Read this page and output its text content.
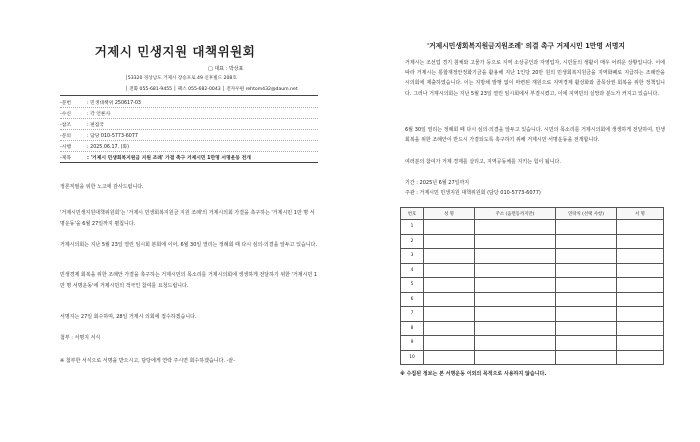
거제시 민생지원 대책위원회
□ 대표 : 박상표
│53320 경상남도 거제시 장승포로 49 신후빌드 208호
│ 전화 055-681-9455 │ 팩스 055-682-0043 │ 전자우편 rehtom432@daum.net
-문번	: 민생대책위 250617-03
-수신	: 각 언론사
-참조	: 편집국
-문의	: 담당 010-5773-6077
-시행	: 2025.06.17. (화)
-제목	: '거제시 민생회복지원금 지원 조례' 가결 촉구 거제시민 1만명 서명운동 전개
정론직필을 위한 노고에 감사드립니다.
'거제시민생지원대책위원회'는 '거제시 민생회복지원금 지원 조례'의 거제시의회 가결을 촉구하는 '거제시민 1만 명 서명운동'을 6월 27일까지 펼칩니다.
거제시의회는 지난 5월 23일 열린 임시회 본회에 이어, 6월 30일 열리는 정례회 때 다시 심의·의결을 앞두고 있습니다.
민생경제 회복을 위한 조례안 가결을 촉구하는 거제시민의 목소리를 거제시의회에 생생하게 전달하기 위한 '거제시민 1만 명 서명운동'에 거제시민의 적극인 참여를 요청드립니다.
서명지는 27일 회수하며, 28일 거제시 의회에 접수하겠습니다.
첨부 : 서명지 서식
※ 첨부한 서식으로 서명을 받으시고, 담당에게 연락 주시면 회수하겠습니다. -끝-
'거제시민생회복지원금지원조례' 의결 촉구 거제시민 1만명 서명지
거제시는 조선업 경기 침체와 고물가 등으로 지역 소상공인과 자영업자, 시민들의 생활이 매우 어려운 상황입니다. 이에 따라 거제시는 통합재정안정화기금을 활용해 지난 1인당 20만 원의 민생회복지원금을 지역화폐로 지급하는 조례안을 시의회에 제출하였습니다. 이는 지방채 발행 없이 마련된 재원으로 지역경제 활성화와 골목상권 회복을 위한 정책입니다. 그러나 거제시의회는 지난 5월 23일 열린 임시회에서 부결시켰고, 이에 지역민의 실망과 분노가 커지고 있습니다.
6월 30일 열리는 정례회 때 다시 심의·의결을 앞두고 있습니다. 시민의 목소리를 거제시의회에 생생하게 전달하여, 민생 회복을 위한 조례안이 반드시 가결되도록 촉구하기 위해 거제시민 서명운동을 전개합니다.
여러분의 참여가 거제 경제를 살리고, 지역공동체를 지키는 힘이 됩니다.
기간 : 2025년 6월 27일까지
주관 : 거제시민 민생지원 대책위원회 (담당 010-5773-6077)
번호	성 명	주소 (읍면동까지만)	연락처 (선택 사항)	서 명
1				
2				
3				
4				
5				
6				
7				
8				
9				
10				
※ 수집된 정보는 본 서명운동 이외의 목적으로 사용하지 않습니다.
